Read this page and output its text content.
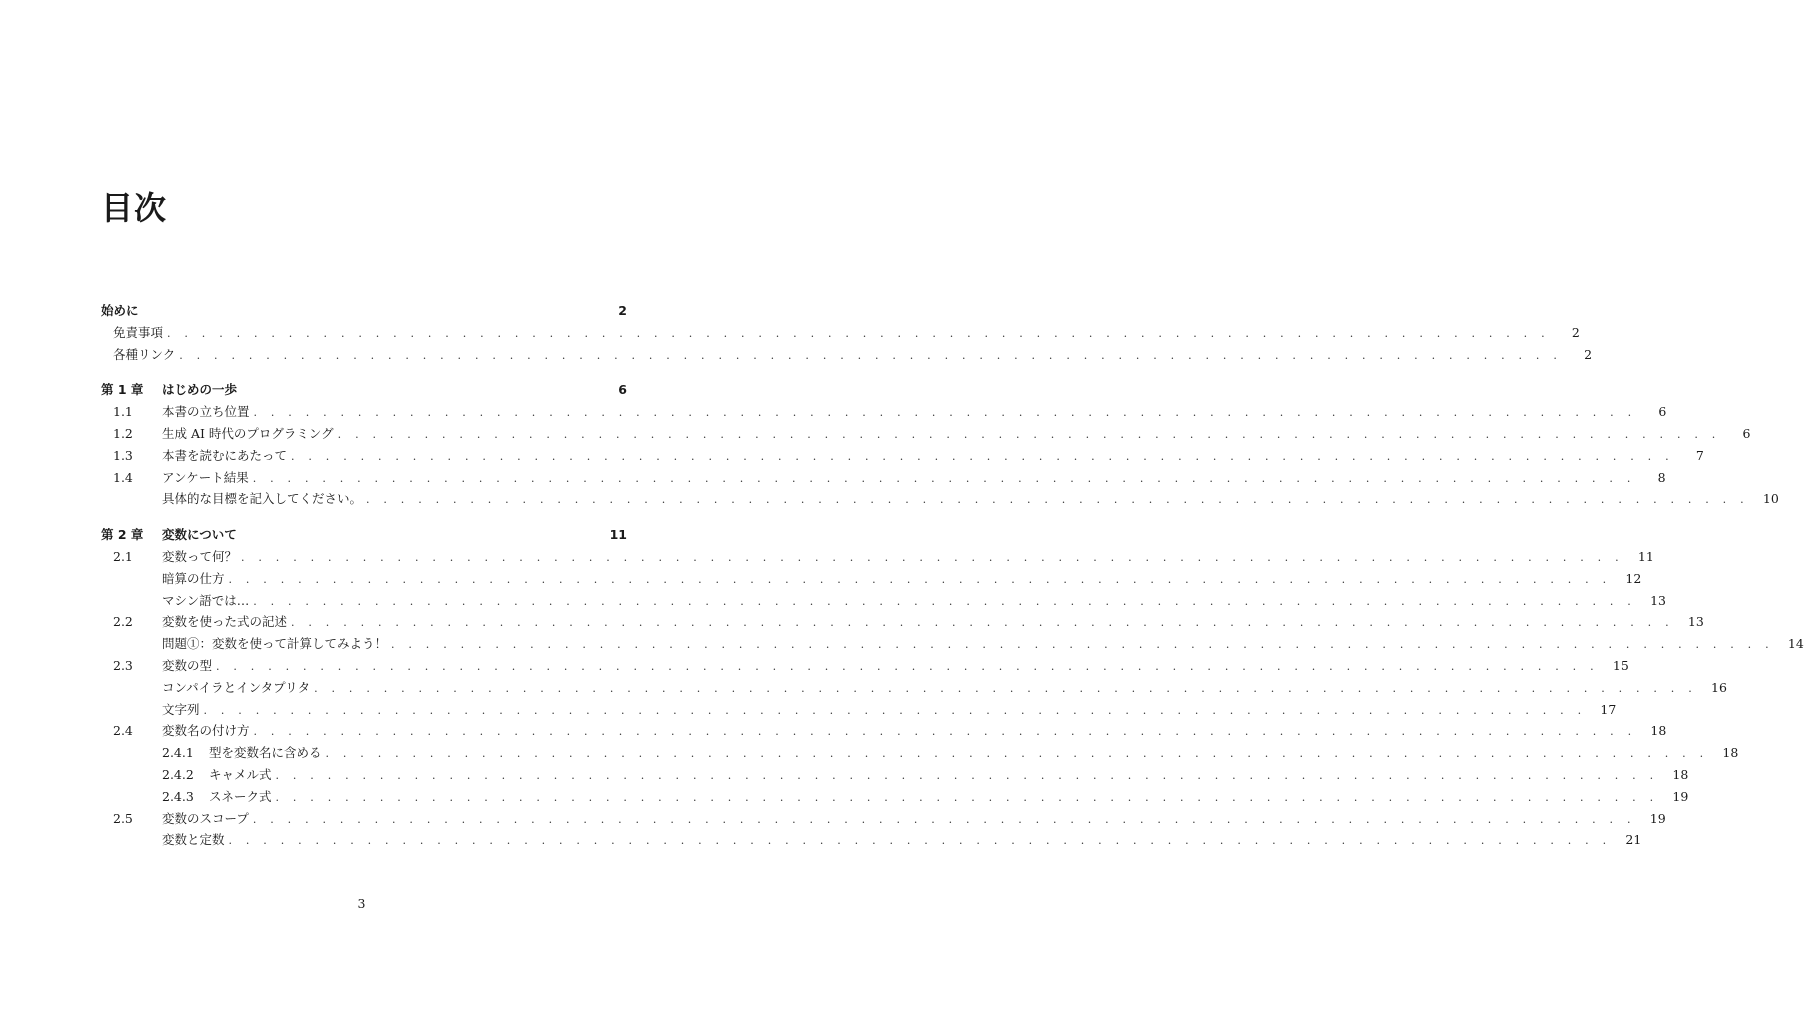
目次
始めに	2
免責事項 . . . . . . . . . . . . . . . . . . . . . . . . . . . . . . . . . . . . . . . . . . . . . . . . . . . . . . . . . . . . . . . . . . . . . . . . . . . . . . . .	2
各種リンク . . . . . . . . . . . . . . . . . . . . . . . . . . . . . . . . . . . . . . . . . . . . . . . . . . . . . . . . . . . . . . . . . . . . . . . . . . . . . . . .	2
第 1 章	はじめの一歩	6
1.1	本書の立ち位置 . . . . . . . . . . . . . . . . . . . . . . . . . . . . . . . . . . . . . . . . . . . . . . . . . . . . . . . . . . . . . . . . . . . . . . . . . . . . . . . .	6
1.2	生成 AI 時代のプログラミング . . . . . . . . . . . . . . . . . . . . . . . . . . . . . . . . . . . . . . . . . . . . . . . . . . . . . . . . . . . . . . . . . . . . . . . . . . . . . . . .	6
1.3	本書を読むにあたって . . . . . . . . . . . . . . . . . . . . . . . . . . . . . . . . . . . . . . . . . . . . . . . . . . . . . . . . . . . . . . . . . . . . . . . . . . . . . . . .	7
1.4	アンケート結果 . . . . . . . . . . . . . . . . . . . . . . . . . . . . . . . . . . . . . . . . . . . . . . . . . . . . . . . . . . . . . . . . . . . . . . . . . . . . . . . .	8
具体的な目標を記入してください。 . . . . . . . . . . . . . . . . . . . . . . . . . . . . . . . . . . . . . . . . . . . . . . . . . . . . . . . . . . . . . . . . . . . . . . . . . . . . . . . .	10
第 2 章	変数について	11
2.1	変数って何？ . . . . . . . . . . . . . . . . . . . . . . . . . . . . . . . . . . . . . . . . . . . . . . . . . . . . . . . . . . . . . . . . . . . . . . . . . . . . . . . .	11
暗算の仕方 . . . . . . . . . . . . . . . . . . . . . . . . . . . . . . . . . . . . . . . . . . . . . . . . . . . . . . . . . . . . . . . . . . . . . . . . . . . . . . . .	12
マシン語では… . . . . . . . . . . . . . . . . . . . . . . . . . . . . . . . . . . . . . . . . . . . . . . . . . . . . . . . . . . . . . . . . . . . . . . . . . . . . . . . .	13
2.2	変数を使った式の記述 . . . . . . . . . . . . . . . . . . . . . . . . . . . . . . . . . . . . . . . . . . . . . . . . . . . . . . . . . . . . . . . . . . . . . . . . . . . . . . . .	13
問題①：変数を使って計算してみよう！ . . . . . . . . . . . . . . . . . . . . . . . . . . . . . . . . . . . . . . . . . . . . . . . . . . . . . . . . . . . . . . . . . . . . . . . . . . . . . . . .	14
2.3	変数の型 . . . . . . . . . . . . . . . . . . . . . . . . . . . . . . . . . . . . . . . . . . . . . . . . . . . . . . . . . . . . . . . . . . . . . . . . . . . . . . . .	15
コンパイラとインタプリタ . . . . . . . . . . . . . . . . . . . . . . . . . . . . . . . . . . . . . . . . . . . . . . . . . . . . . . . . . . . . . . . . . . . . . . . . . . . . . . . .	16
文字列 . . . . . . . . . . . . . . . . . . . . . . . . . . . . . . . . . . . . . . . . . . . . . . . . . . . . . . . . . . . . . . . . . . . . . . . . . . . . . . . .	17
2.4	変数名の付け方 . . . . . . . . . . . . . . . . . . . . . . . . . . . . . . . . . . . . . . . . . . . . . . . . . . . . . . . . . . . . . . . . . . . . . . . . . . . . . . . .	18
2.4.1	型を変数名に含める . . . . . . . . . . . . . . . . . . . . . . . . . . . . . . . . . . . . . . . . . . . . . . . . . . . . . . . . . . . . . . . . . . . . . . . . . . . . . . . .	18
2.4.2	キャメル式 . . . . . . . . . . . . . . . . . . . . . . . . . . . . . . . . . . . . . . . . . . . . . . . . . . . . . . . . . . . . . . . . . . . . . . . . . . . . . . . .	18
2.4.3	スネーク式 . . . . . . . . . . . . . . . . . . . . . . . . . . . . . . . . . . . . . . . . . . . . . . . . . . . . . . . . . . . . . . . . . . . . . . . . . . . . . . . .	19
2.5	変数のスコープ . . . . . . . . . . . . . . . . . . . . . . . . . . . . . . . . . . . . . . . . . . . . . . . . . . . . . . . . . . . . . . . . . . . . . . . . . . . . . . . .	19
変数と定数 . . . . . . . . . . . . . . . . . . . . . . . . . . . . . . . . . . . . . . . . . . . . . . . . . . . . . . . . . . . . . . . . . . . . . . . . . . . . . . . .	21
3
